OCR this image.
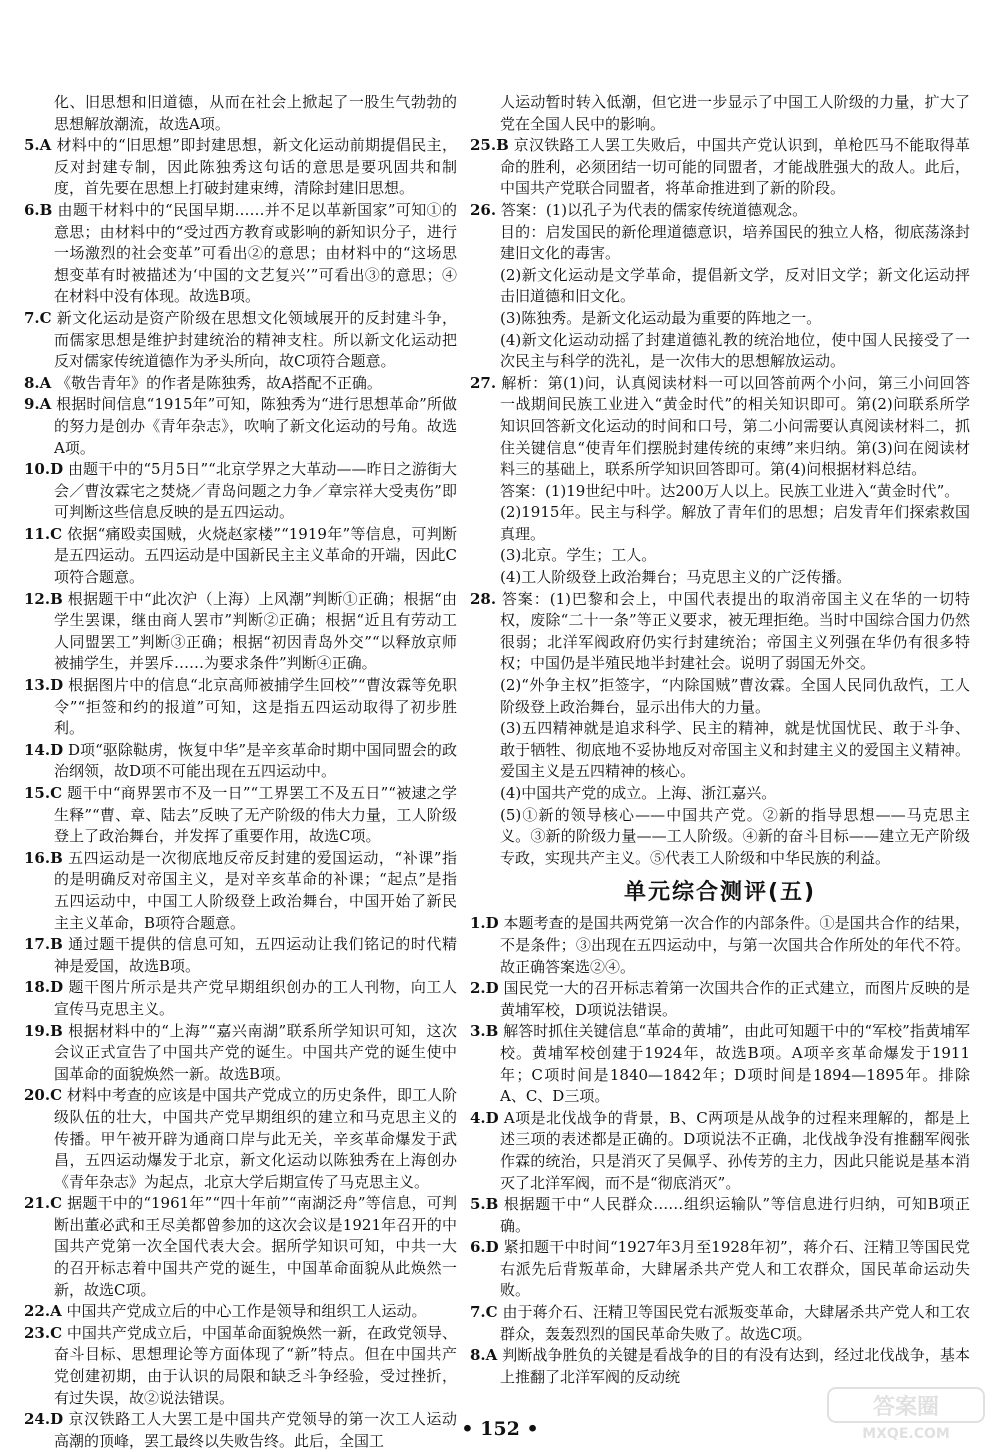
化、旧思想和旧道德，从而在社会上掀起了一股生气勃勃的思想解放潮流，故选A项。

5.A 材料中的“旧思想”即封建思想，新文化运动前期提倡民主，反对封建专制，因此陈独秀这句话的意思是要巩固共和制度，首先要在思想上打破封建束缚，清除封建旧思想。

6.B 由题干材料中的“民国早期……并不足以革新国家”可知①的意思；由材料中的“受过西方教育或影响的新知识分子，进行一场激烈的社会变革”可看出②的意思；由材料中的“这场思想变革有时被描述为‘中国的文艺复兴’”可看出③的意思；④在材料中没有体现。故选B项。

7.C 新文化运动是资产阶级在思想文化领域展开的反封建斗争，而儒家思想是维护封建统治的精神支柱。所以新文化运动把反对儒家传统道德作为矛头所向，故C项符合题意。

8.A 《敬告青年》的作者是陈独秀，故A搭配不正确。

9.A 根据时间信息“1915年”可知，陈独秀为“进行思想革命”所做的努力是创办《青年杂志》，吹响了新文化运动的号角。故选A项。

10.D 由题干中的“5月5日”“北京学界之大革动——昨日之游街大会／曹汝霖宅之焚烧／青岛问题之力争／章宗祥大受夷伤”即可判断这些信息反映的是五四运动。

11.C 依据“痛殴卖国贼，火烧赵家楼”“1919年”等信息，可判断是五四运动。五四运动是中国新民主主义革命的开端，因此C项符合题意。

12.B 根据题干中“此次沪（上海）上风潮”判断①正确；根据“由学生罢课，继由商人罢市”判断②正确；根据“近且有劳动工人同盟罢工”判断③正确；根据“初因青岛外交”“以释放京师被捕学生，并罢斥……为要求条件”判断④正确。

13.D 根据图片中的信息“北京高师被捕学生回校”“曹汝霖等免职令”“拒签和约的报道”可知，这是指五四运动取得了初步胜利。

14.D D项“驱除鞑虏，恢复中华”是辛亥革命时期中国同盟会的政治纲领，故D项不可能出现在五四运动中。

15.C 题干中“商界罢市不及一日”“工界罢工不及五日”“被逮之学生释”“曹、章、陆去”反映了无产阶级的伟大力量，工人阶级登上了政治舞台，并发挥了重要作用，故选C项。

16.B 五四运动是一次彻底地反帝反封建的爱国运动，“补课”指的是明确反对帝国主义，是对辛亥革命的补课；“起点”是指五四运动中，中国工人阶级登上政治舞台，中国开始了新民主主义革命，B项符合题意。

17.B 通过题干提供的信息可知，五四运动让我们铭记的时代精神是爱国，故选B项。

18.D 题干图片所示是共产党早期组织创办的工人刊物，向工人宣传马克思主义。

19.B 根据材料中的“上海”“嘉兴南湖”联系所学知识可知，这次会议正式宣告了中国共产党的诞生。中国共产党的诞生使中国革命的面貌焕然一新。故选B项。

20.C 材料中考查的应该是中国共产党成立的历史条件，即工人阶级队伍的壮大，中国共产党早期组织的建立和马克思主义的传播。甲午被开辟为通商口岸与此无关，辛亥革命爆发于武昌，五四运动爆发于北京，新文化运动以陈独秀在上海创办《青年杂志》为起点，北京大学后期宣传了马克思主义。

21.C 据题干中的“1961年”“四十年前”“南湖泛舟”等信息，可判断出董必武和王尽美都曾参加的这次会议是1921年召开的中国共产党第一次全国代表大会。据所学知识可知，中共一大的召开标志着中国共产党的诞生，中国革命面貌从此焕然一新，故选C项。

22.A 中国共产党成立后的中心工作是领导和组织工人运动。

23.C 中国共产党成立后，中国革命面貌焕然一新，在政党领导、奋斗目标、思想理论等方面体现了“新”特点。但在中国共产党创建初期，由于认识的局限和缺乏斗争经验，受过挫折，有过失误，故②说法错误。

24.D 京汉铁路工人大罢工是中国共产党领导的第一次工人运动高潮的顶峰，罢工最终以失败告终。此后，全国工

人运动暂时转入低潮，但它进一步显示了中国工人阶级的力量，扩大了党在全国人民中的影响。

25.B 京汉铁路工人罢工失败后，中国共产党认识到，单枪匹马不能取得革命的胜利，必须团结一切可能的同盟者，才能战胜强大的敌人。此后，中国共产党联合同盟者，将革命推进到了新的阶段。

26. 答案：(1)以孔子为代表的儒家传统道德观念。

目的：启发国民的新伦理道德意识，培养国民的独立人格，彻底荡涤封建旧文化的毒害。

(2)新文化运动是文学革命，提倡新文学，反对旧文学；新文化运动抨击旧道德和旧文化。

(3)陈独秀。是新文化运动最为重要的阵地之一。

(4)新文化运动动摇了封建道德礼教的统治地位，使中国人民接受了一次民主与科学的洗礼，是一次伟大的思想解放运动。

27. 解析：第(1)问，认真阅读材料一可以回答前两个小问，第三小问回答一战期间民族工业进入“黄金时代”的相关知识即可。第(2)问联系所学知识回答新文化运动的时间和口号，第二小问需要认真阅读材料二，抓住关键信息“使青年们摆脱封建传统的束缚”来归纳。第(3)问在阅读材料三的基础上，联系所学知识回答即可。第(4)问根据材料总结。

答案：(1)19世纪中叶。达200万人以上。民族工业进入“黄金时代”。

(2)1915年。民主与科学。解放了青年们的思想；启发青年们探索救国真理。

(3)北京。学生；工人。

(4)工人阶级登上政治舞台；马克思主义的广泛传播。

28. 答案：(1)巴黎和会上，中国代表提出的取消帝国主义在华的一切特权，废除“二十一条”等正义要求，被无理拒绝。当时中国综合国力仍然很弱；北洋军阀政府仍实行封建统治；帝国主义列强在华仍有很多特权；中国仍是半殖民地半封建社会。说明了弱国无外交。

(2)“外争主权”拒签字，“内除国贼”曹汝霖。全国人民同仇敌忾，工人阶级登上政治舞台，显示出伟大的力量。

(3)五四精神就是追求科学、民主的精神，就是忧国忧民、敢于斗争、敢于牺牲、彻底地不妥协地反对帝国主义和封建主义的爱国主义精神。爱国主义是五四精神的核心。

(4)中国共产党的成立。上海、浙江嘉兴。

(5)①新的领导核心——中国共产党。②新的指导思想——马克思主义。③新的阶级力量——工人阶级。④新的奋斗目标——建立无产阶级专政，实现共产主义。⑤代表工人阶级和中华民族的利益。

单元综合测评(五)

1.D 本题考查的是国共两党第一次合作的内部条件。①是国共合作的结果，不是条件；③出现在五四运动中，与第一次国共合作所处的年代不符。故正确答案选②④。

2.D 国民党一大的召开标志着第一次国共合作的正式建立，而图片反映的是黄埔军校，D项说法错误。

3.B 解答时抓住关键信息“革命的黄埔”，由此可知题干中的“军校”指黄埔军校。黄埔军校创建于1924年，故选B项。A项辛亥革命爆发于1911年；C项时间是1840—1842年；D项时间是1894—1895年。排除A、C、D三项。

4.D A项是北伐战争的背景，B、C两项是从战争的过程来理解的，都是上述三项的表述都是正确的。D项说法不正确，北伐战争没有推翻军阀张作霖的统治，只是消灭了吴佩孚、孙传芳的主力，因此只能说是基本消灭了北洋军阀，而不是“彻底消灭”。

5.B 根据题干中“人民群众……组织运输队”等信息进行归纳，可知B项正确。

6.D 紧扣题干中时间“1927年3月至1928年初”，蒋介石、汪精卫等国民党右派先后背叛革命，大肆屠杀共产党人和工农群众，国民革命运动失败。

7.C 由于蒋介石、汪精卫等国民党右派叛变革命，大肆屠杀共产党人和工农群众，轰轰烈烈的国民革命失败了。故选C项。

8.A 判断战争胜负的关键是看战争的目的有没有达到，经过北伐战争，基本上推翻了北洋军阀的反动统

• 152 •
答案圈
MXQE.COM
